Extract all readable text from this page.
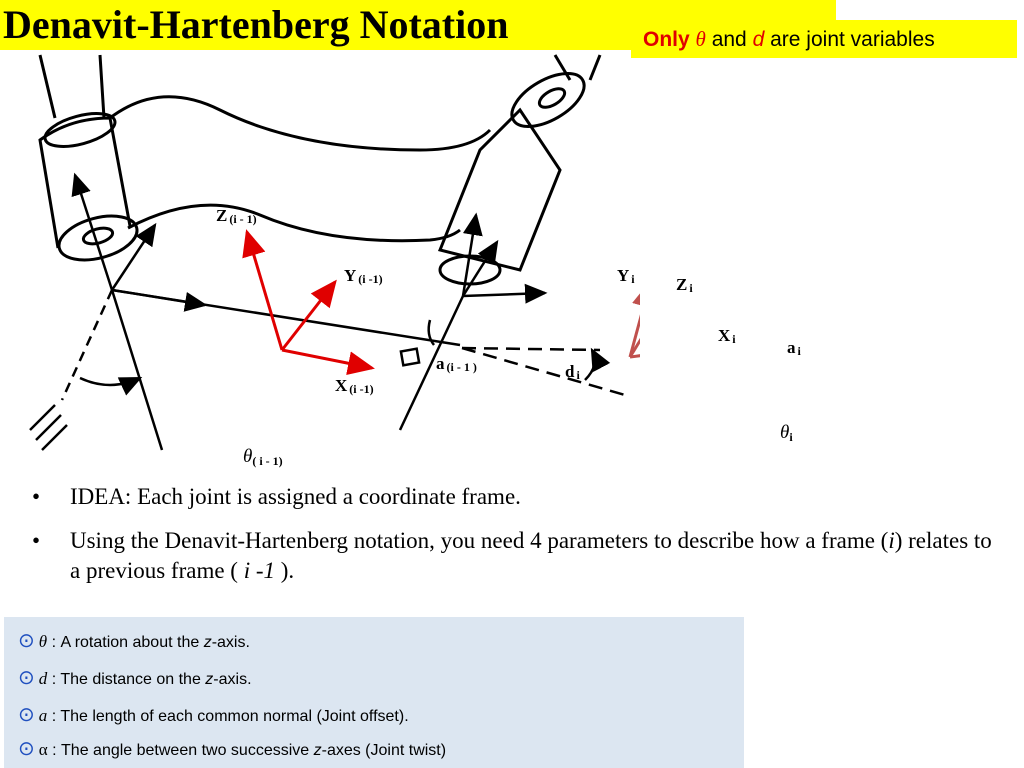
Denavit-Hartenberg Notation	Only θ and d are joint variables
Z (i - 1)
Y (i -1)
X (i -1)
Y i Z i
X i
a (i - 1 )	d i
a i
$\theta_i$
$\theta_{( i - 1)}$
• IDEA: Each joint is assigned a coordinate frame.
• Using the Denavit-Hartenberg notation, you need 4 parameters to describe how a frame (i) relates to a previous frame ( i -1 ).
⊙ θ : A rotation about the z-axis.
⊙ d : The distance on the z-axis.
⊙ a : The length of each common normal (Joint offset).
⊙ α : The angle between two successive z-axes (Joint twist)
